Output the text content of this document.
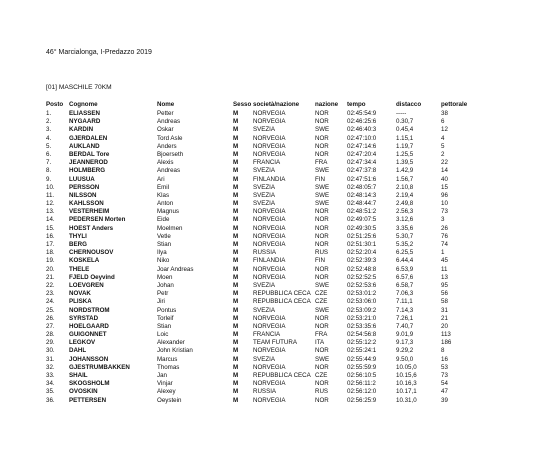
46° Marcialonga, I-Predazzo 2019
[01] MASCHILE 70KM
Posto Cognome	Nome	Sesso società/nazione	nazione tempo	distacco	pettorale
1.	ELIASSEN	Petter	M NORVEGIA	NOR	02:45:54:9	-----	38
2.	NYGAARD	Andreas	M NORVEGIA	NOR	02:46:25:6	0.30,7	6
3.	KARDIN	Oskar	M SVEZIA	SWE	02:46:40:3	0.45,4	12
4.	GJERDALEN	Tord Asle	M NORVEGIA	NOR	02:47:10:0	1.15,1	4
5.	AUKLAND	Anders	M NORVEGIA	NOR	02:47:14:6	1.19,7	5
6.	BERDAL Tore	Bjoerseth	M NORVEGIA	NOR	02:47:20:4	1.25,5	2
7.	JEANNEROD	Alexis	M FRANCIA	FRA	02:47:34:4	1.39,5	22
8.	HOLMBERG	Andreas	M SVEZIA	SWE	02:47:37:8	1.42,9	14
9.	LUUSUA	Ari	M FINLANDIA	FIN	02:47:51:6	1.56,7	40
10. PERSSON	Emil	M SVEZIA	SWE	02:48:05:7	2.10,8	15
11. NILSSON	Klas	M SVEZIA	SWE	02:48:14:3	2.19,4	96
12. KAHLSSON	Anton	M SVEZIA	SWE	02:48:44:7	2.49,8	10
13. VESTERHEIM	Magnus	M NORVEGIA	NOR	02:48:51:2	2.56,3	73
14. PEDERSEN Morten	Eide	M NORVEGIA	NOR	02:49:07:5	3.12,6	3
15. HOEST Anders	Moelmen	M NORVEGIA	NOR	02:49:30:5	3.35,6	26
16. THYLI	Vetle	M NORVEGIA	NOR	02:51:25:6	5.30,7	76
17. BERG	Stian	M NORVEGIA	NOR	02:51:30:1	5.35,2	74
18. CHERNOUSOV	Ilya	M RUSSIA	RUS	02:52:20:4	6.25,5	1
19. KOSKELA	Niko	M FINLANDIA	FIN	02:52:39:3	6.44,4	45
20. THELE	Joar Andreas	M NORVEGIA	NOR	02:52:48:8	6.53,9	11
21. FJELD Oeyvind	Moen	M NORVEGIA	NOR	02:52:52:5	6.57,6	13
22. LOEVGREN	Johan	M SVEZIA	SWE	02:52:53:6	6.58,7	95
23. NOVAK	Petr	M REPUBBLICA CECA CZE	02:53:01:2	7.06,3	56
24. PLISKA	Jiri	M REPUBBLICA CECA CZE	02:53:06:0	7.11,1	58
25. NORDSTROM	Pontus	M SVEZIA	SWE	02:53:09:2	7.14,3	31
26. SYRSTAD	Torleif	M NORVEGIA	NOR	02:53:21:0	7.26,1	21
27. HOELGAARD	Stian	M NORVEGIA	NOR	02:53:35:6	7.40,7	20
28. GUIGONNET	Loic	M FRANCIA	FRA	02:54:56:8	9.01,9	113
29. LEGKOV	Alexander	M TEAM FUTURA	ITA	02:55:12:2	9.17,3	186
30. DAHL	John Kristian	M NORVEGIA	NOR	02:55:24:1	9.29,2	8
31. JOHANSSON	Marcus	M SVEZIA	SWE	02:55:44:9	9.50,0	16
32. GJESTRUMBAKKEN	Thomas	M NORVEGIA	NOR	02:55:59:9	10.05,0	53
33. SHAIL	Jan	M REPUBBLICA CECA CZE	02:56:10:5	10.15,6	73
34. SKOGSHOLM	Vinjar	M NORVEGIA	NOR	02:56:11:2	10.16,3	54
35. OVOSKIN	Alexey	M RUSSIA	RUS	02:56:12:0	10.17,1	47
36. PETTERSEN	Oeystein	M NORVEGIA	NOR	02:56:25:9	10.31,0	39
